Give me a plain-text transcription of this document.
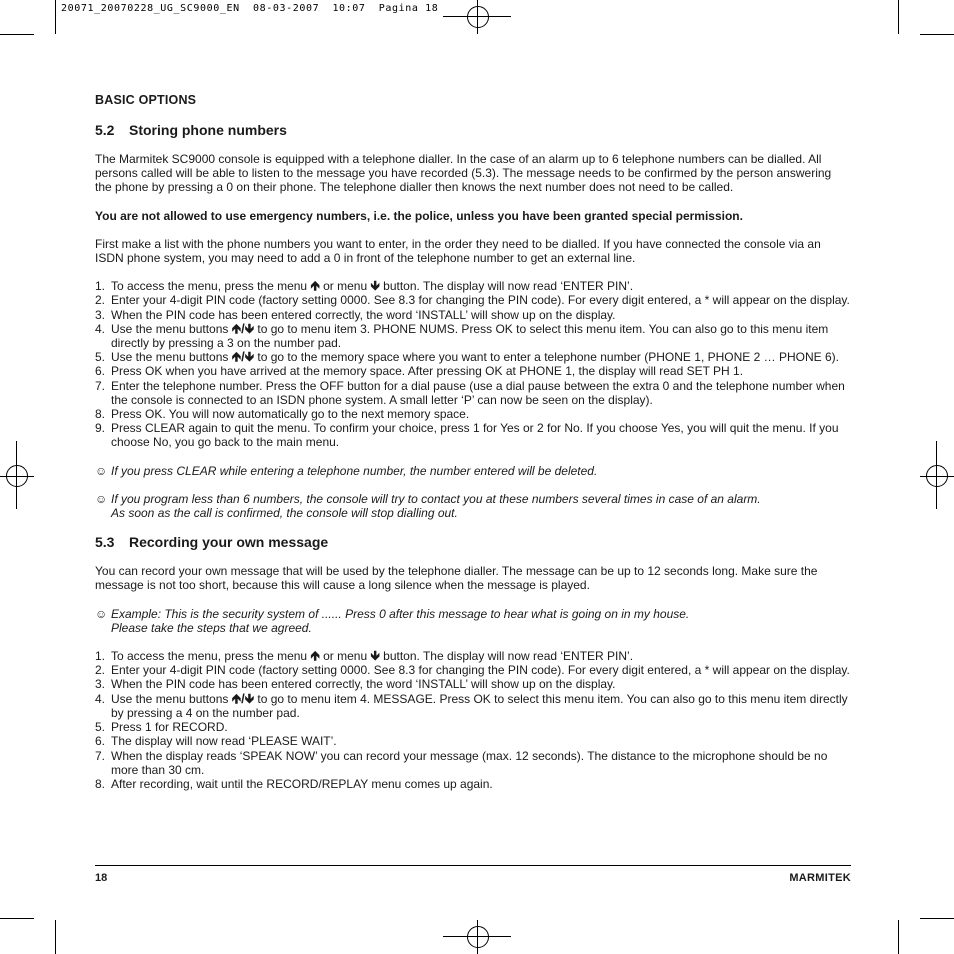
20071_20070228_UG_SC9000_EN  08-03-2007  10:07  Pagina 18
BASIC OPTIONS
5.2 Storing phone numbers

The Marmitek SC9000 console is equipped with a telephone dialler. In the case of an alarm up to 6 telephone numbers can be dialled. All persons called will be able to listen to the message you have recorded (5.3). The message needs to be confirmed by the person answering the phone by pressing a 0 on their phone. The telephone dialler then knows the next number does not need to be called.

You are not allowed to use emergency numbers, i.e. the police, unless you have been granted special permission.

First make a list with the phone numbers you want to enter, in the order they need to be dialled. If you have connected the console via an ISDN phone system, you may need to add a 0 in front of the telephone number to get an external line.

1. To access the menu, press the menu 🡹 or menu 🡻 button. The display will now read ‘ENTER PIN’.
2. Enter your 4-digit PIN code (factory setting 0000. See 8.3 for changing the PIN code). For every digit entered, a * will appear on the display.
3. When the PIN code has been entered correctly, the word ‘INSTALL’ will show up on the display.
4. Use the menu buttons 🡹/🡻 to go to menu item 3. PHONE NUMS. Press OK to select this menu item. You can also go to this menu item directly by pressing a 3 on the number pad.
5. Use the menu buttons 🡹/🡻 to go to the memory space where you want to enter a telephone number (PHONE 1, PHONE 2 … PHONE 6).
6. Press OK when you have arrived at the memory space. After pressing OK at PHONE 1, the display will read SET PH 1.
7. Enter the telephone number. Press the OFF button for a dial pause (use a dial pause between the extra 0 and the telephone number when the console is connected to an ISDN phone system. A small letter ‘P’ can now be seen on the display).
8. Press OK. You will now automatically go to the next memory space.
9. Press CLEAR again to quit the menu. To confirm your choice, press 1 for Yes or 2 for No. If you choose Yes, you will quit the menu. If you choose No, you go back to the main menu.

☺ If you press CLEAR while entering a telephone number, the number entered will be deleted.

☺ If you program less than 6 numbers, the console will try to contact you at these numbers several times in case of an alarm.
As soon as the call is confirmed, the console will stop dialling out.

5.3 Recording your own message

You can record your own message that will be used by the telephone dialler. The message can be up to 12 seconds long. Make sure the message is not too short, because this will cause a long silence when the message is played.

☺ Example: This is the security system of ...... Press 0 after this message to hear what is going on in my house.
Please take the steps that we agreed.

1. To access the menu, press the menu 🡹 or menu 🡻 button. The display will now read ‘ENTER PIN’.
2. Enter your 4-digit PIN code (factory setting 0000. See 8.3 for changing the PIN code). For every digit entered, a * will appear on the display.
3. When the PIN code has been entered correctly, the word ‘INSTALL’ will show up on the display.
4. Use the menu buttons 🡹/🡻 to go to menu item 4. MESSAGE. Press OK to select this menu item. You can also go to this menu item directly by pressing a 4 on the number pad.
5. Press 1 for RECORD.
6. The display will now read ‘PLEASE WAIT’.
7. When the display reads ‘SPEAK NOW’ you can record your message (max. 12 seconds). The distance to the microphone should be no more than 30 cm.
8. After recording, wait until the RECORD/REPLAY menu comes up again.
18	MARMITEK
